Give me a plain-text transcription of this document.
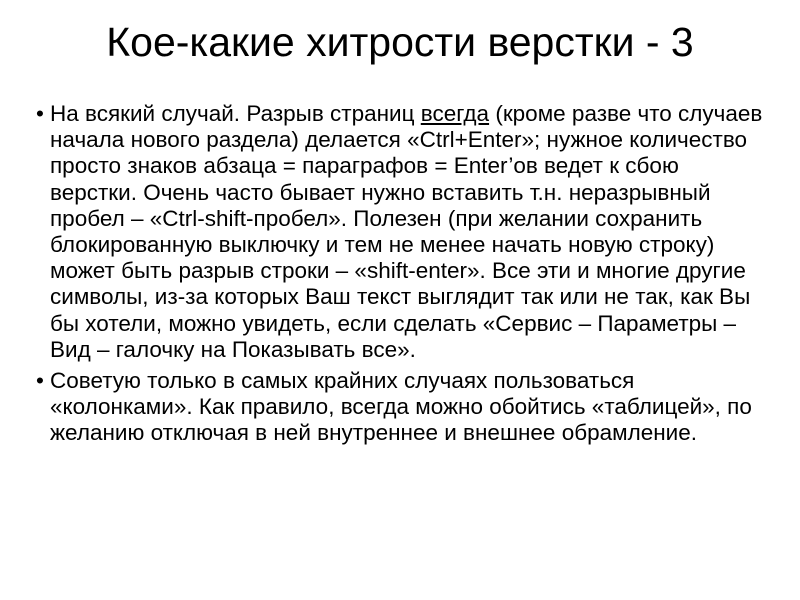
Кое-какие хитрости верстки - 3
• На всякий случай. Разрыв страниц всегда (кроме разве что случаев начала нового раздела) делается «Ctrl+Enter»; нужное количество просто знаков абзаца = параграфов = Enter’ов ведет к сбою верстки. Очень часто бывает нужно вставить т.н. неразрывный пробел – «Ctrl-shift-пробел». Полезен (при желании сохранить блокированную выключку и тем не менее начать новую строку) может быть разрыв строки – «shift-enter». Все эти и многие другие символы, из-за которых Ваш текст выглядит так или не так, как Вы бы хотели, можно увидеть, если сделать «Сервис – Параметры – Вид – галочку на Показывать все».
• Советую только в самых крайних случаях пользоваться «колонками». Как правило, всегда можно обойтись «таблицей», по желанию отключая в ней внутреннее и внешнее обрамление.
